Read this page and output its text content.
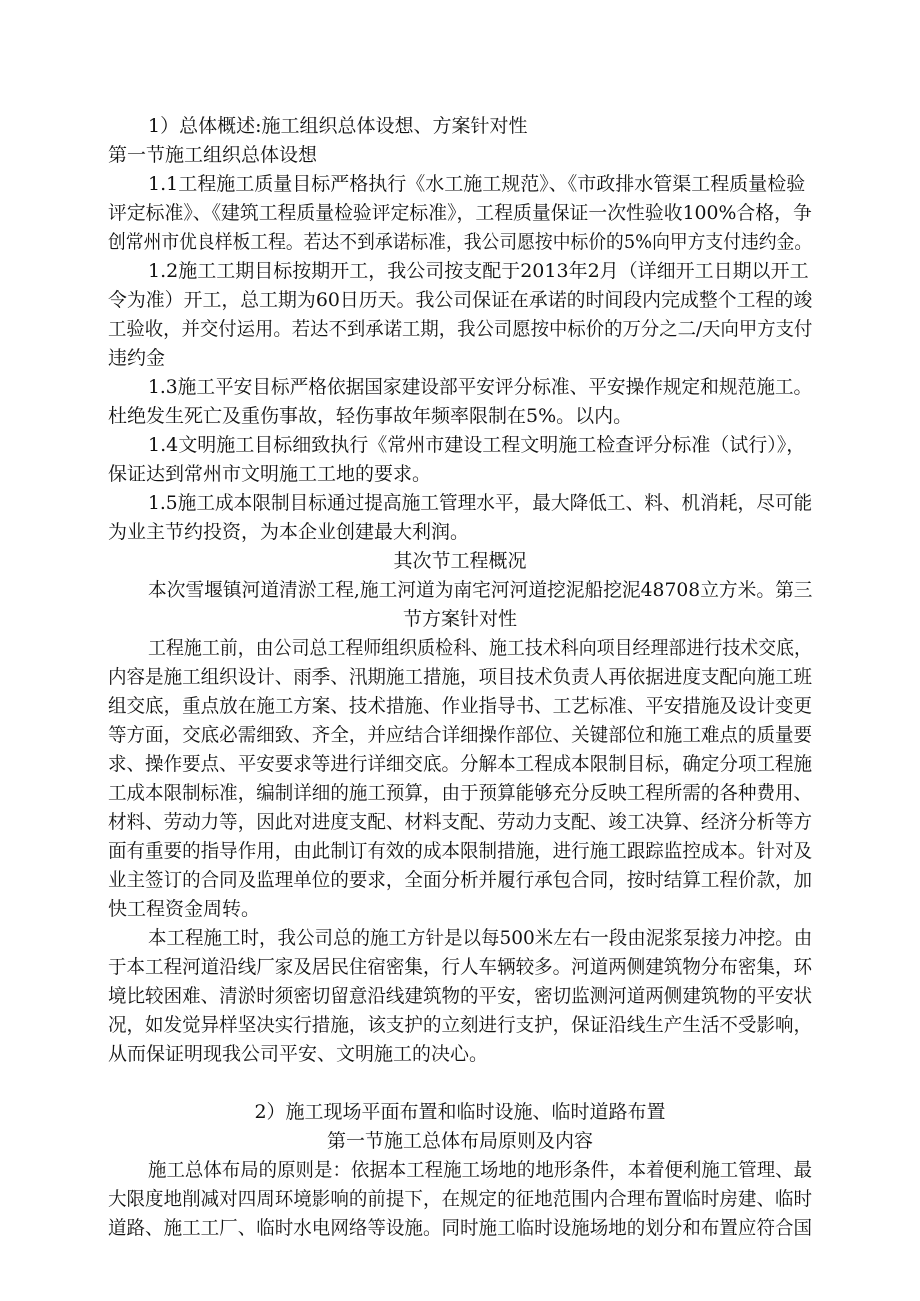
1）总体概述:施工组织总体设想、方案针对性
第一节施工组织总体设想
1.1工程施工质量目标严格执行《水工施工规范》、《市政排水管渠工程质量检验
评定标准》、《建筑工程质量检验评定标准》，工程质量保证一次性验收100%合格，争
创常州市优良样板工程。若达不到承诺标准，我公司愿按中标价的5%向甲方支付违约金。
1.2施工工期目标按期开工，我公司按支配于2013年2月（详细开工日期以开工
令为准）开工，总工期为60日历天。我公司保证在承诺的时间段内完成整个工程的竣
工验收，并交付运用。若达不到承诺工期，我公司愿按中标价的万分之二/天向甲方支付
违约金
1.3施工平安目标严格依据国家建设部平安评分标准、平安操作规定和规范施工。
杜绝发生死亡及重伤事故，轻伤事故年频率限制在5%。以内。
1.4文明施工目标细致执行《常州市建设工程文明施工检查评分标准（试行）》，
保证达到常州市文明施工工地的要求。
1.5施工成本限制目标通过提高施工管理水平，最大降低工、料、机消耗，尽可能
为业主节约投资，为本企业创建最大利润。
其次节工程概况
本次雪堰镇河道清淤工程,施工河道为南宅河河道挖泥船挖泥48708立方米。第三
节方案针对性
工程施工前，由公司总工程师组织质检科、施工技术科向项目经理部进行技术交底，
内容是施工组织设计、雨季、汛期施工措施，项目技术负责人再依据进度支配向施工班
组交底，重点放在施工方案、技术措施、作业指导书、工艺标准、平安措施及设计变更
等方面，交底必需细致、齐全，并应结合详细操作部位、关键部位和施工难点的质量要
求、操作要点、平安要求等进行详细交底。分解本工程成本限制目标，确定分项工程施
工成本限制标准，编制详细的施工预算，由于预算能够充分反映工程所需的各种费用、
材料、劳动力等，因此对进度支配、材料支配、劳动力支配、竣工决算、经济分析等方
面有重要的指导作用，由此制订有效的成本限制措施，进行施工跟踪监控成本。针对及
业主签订的合同及监理单位的要求，全面分析并履行承包合同，按时结算工程价款，加
快工程资金周转。
本工程施工时，我公司总的施工方针是以每500米左右一段由泥浆泵接力冲挖。由
于本工程河道沿线厂家及居民住宿密集，行人车辆较多。河道两侧建筑物分布密集，环
境比较困难、清淤时须密切留意沿线建筑物的平安，密切监测河道两侧建筑物的平安状
况，如发觉异样坚决实行措施，该支护的立刻进行支护，保证沿线生产生活不受影响，
从而保证明现我公司平安、文明施工的决心。
2）施工现场平面布置和临时设施、临时道路布置
第一节施工总体布局原则及内容
施工总体布局的原则是：依据本工程施工场地的地形条件，本着便利施工管理、最
大限度地削减对四周环境影响的前提下，在规定的征地范围内合理布置临时房建、临时
道路、施工工厂、临时水电网络等设施。同时施工临时设施场地的划分和布置应符合国
